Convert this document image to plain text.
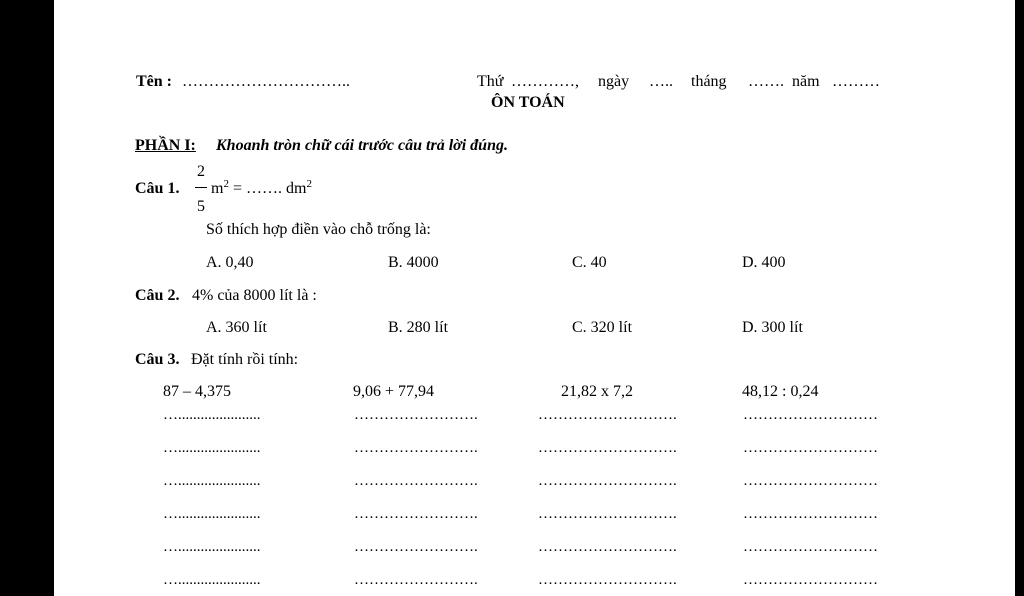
Tên : …………………………..	Thứ …………, ngày ….. tháng ……. năm ………
ÔN TOÁN
PHẦN I: Khoanh tròn chữ cái trước câu trả lời đúng.
Câu 1.
2
5
$m^2$ = ……. $dm^2$
Số thích hợp điền vào chỗ trống là:
A. 0,40	B. 4000	C. 40	D. 400
Câu 2. 4% của 8000 lít là :
A. 360 lít	B. 280 lít	C. 320 lít	D. 300 lít
Câu 3. Đặt tính rồi tính:
87 – 4,375	9,06 + 77,94	21,82 x 7,2	48,12 : 0,24
…......................	…………………….	……………………….	………………………
…......................	…………………….	……………………….	………………………
…......................	…………………….	……………………….	………………………
…......................	…………………….	……………………….	………………………
…......................	…………………….	……………………….	………………………
…......................	…………………….	……………………….	………………………
